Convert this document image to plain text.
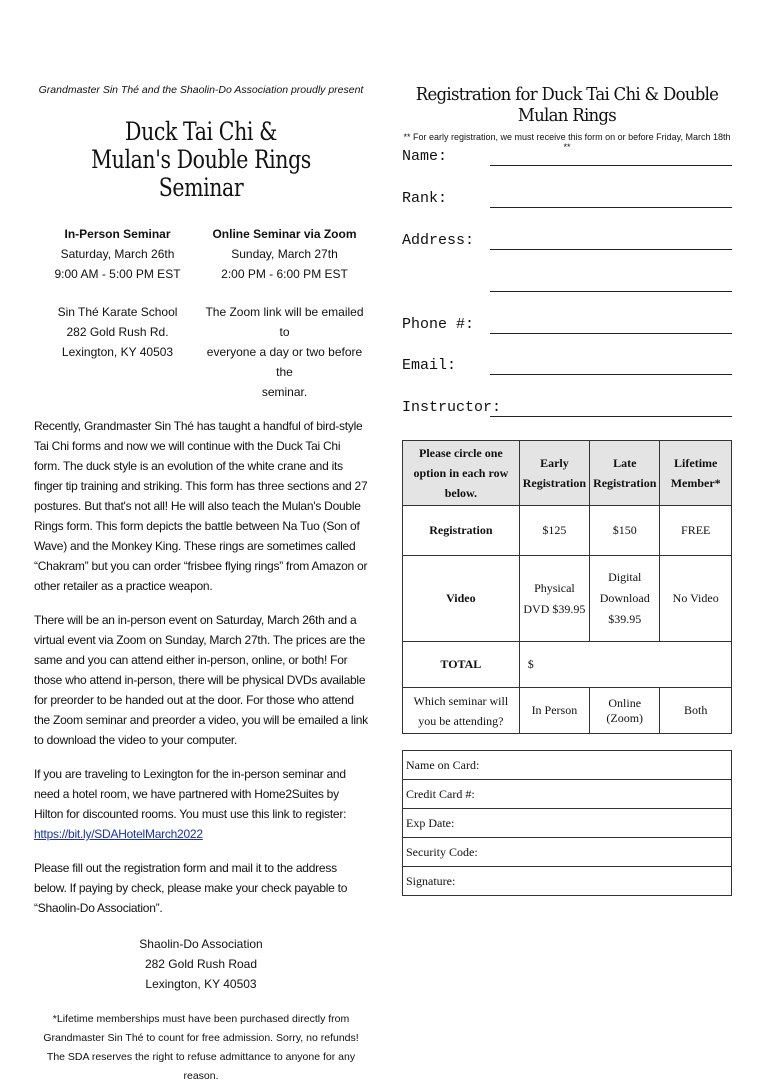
Grandmaster Sin Thé and the Shaolin-Do Association proudly present
Duck Tai Chi &
Mulan's Double Rings Seminar
In-Person Seminar
Saturday, March 26th
9:00 AM - 5:00 PM EST
Sin Thé Karate School
282 Gold Rush Rd.
Lexington, KY 40503
Online Seminar via Zoom
Sunday, March 27th
2:00 PM - 6:00 PM EST
The Zoom link will be emailed to
everyone a day or two before the
seminar.
Recently, Grandmaster Sin Thé has taught a handful of bird-style Tai Chi forms and now we will continue with the Duck Tai Chi form. The duck style is an evolution of the white crane and its finger tip training and striking. This form has three sections and 27 postures. But that's not all! He will also teach the Mulan's Double Rings form. This form depicts the battle between Na Tuo (Son of Wave) and the Monkey King. These rings are sometimes called “Chakram” but you can order “frisbee flying rings” from Amazon or other retailer as a practice weapon.
There will be an in-person event on Saturday, March 26th and a virtual event via Zoom on Sunday, March 27th. The prices are the same and you can attend either in-person, online, or both! For those who attend in-person, there will be physical DVDs available for preorder to be handed out at the door. For those who attend the Zoom seminar and preorder a video, you will be emailed a link to download the video to your computer.
If you are traveling to Lexington for the in-person seminar and need a hotel room, we have partnered with Home2Suites by Hilton for discounted rooms. You must use this link to register: https://bit.ly/SDAHotelMarch2022
Please fill out the registration form and mail it to the address below. If paying by check, please make your check payable to “Shaolin-Do Association”.
Shaolin-Do Association
282 Gold Rush Road
Lexington, KY 40503
*Lifetime memberships must have been purchased directly from Grandmaster Sin Thé to count for free admission. Sorry, no refunds! The SDA reserves the right to refuse admittance to anyone for any reason.
Registration for Duck Tai Chi & Double Mulan Rings
** For early registration, we must receive this form on or before Friday, March 18th **
Name:
Rank:
Address:
Phone #:
Email:
Instructor:
Please circle one option in each row below.	Early Registration	Late Registration	Lifetime Member*
Registration	$125	$150	FREE
Video	Physical DVD $39.95	Digital Download $39.95	No Video
TOTAL	$		
Which seminar will you be attending?	In Person	Online (Zoom)	Both
Name on Card:
Credit Card #:
Exp Date:
Security Code:
Signature:
